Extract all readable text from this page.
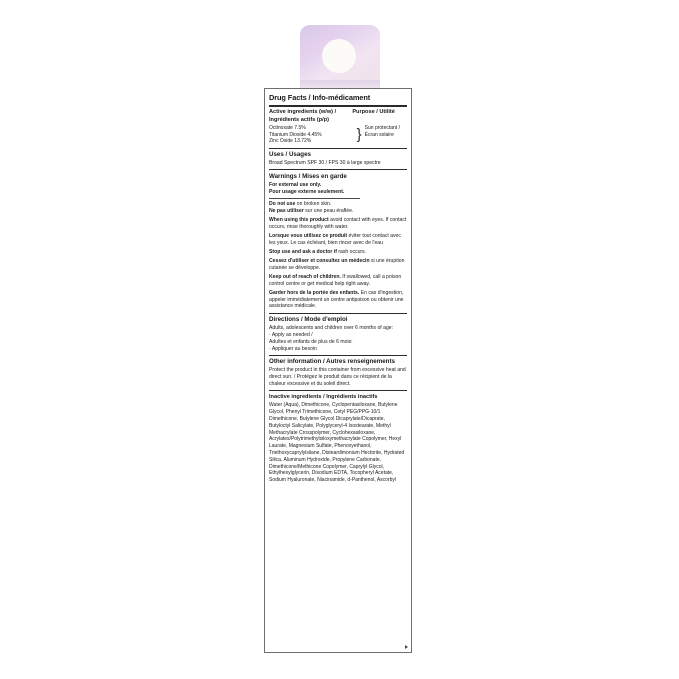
Drug Facts / Info-médicament
Active ingredients (w/w) / Ingrédients actifs (p/p)
Purpose / Utilité

Octinoxate 7.5%

Titanium Dioxide 4.45%

Zinc Oxide 13.72%	} Sun protectant /

Écran solaire

Uses / Usages

Broad Spectrum SPF 30 / FPS 30 à large spectre

Warnings / Mises en garde

For external use only.

Pour usage externe seulement.

Do not use on broken skin.

Ne pas utiliser sur une peau éraflée.

When using this product avoid contact with eyes. If contact occurs, rinse thoroughly with water.

Lorsque vous utilisez ce produit éviter tout contact avec les yeux. Le cas échéant, bien rincer avec de l'eau

Stop use and ask a doctor if rash occurs.

Cessez d'utiliser et consultez un médecin si une éruption cutanée se développe.

Keep out of reach of children. If swallowed, call a poison control centre or get medical help right away.

Garder hors de la portée des enfants. En cas d'ingestion, appeler immédiatement un centre antipoison ou obtenir une assistance médicale.

Directions / Mode d'emploi

Adults, adolescents and children over 6 months of age:

· Apply as needed /

Adultes et enfants de plus de 6 mois:

· Appliquer au besoin

Other information / Autres renseignements

Protect the product in this container from excessive heat and direct sun. / Protégez le produit dans ce récipient de la chaleur excessive et du soleil direct.

Inactive ingredients / Ingrédients inactifs
Water (Aqua), Dimethicone, Cyclopentasiloxane, Butylene Glycol, Phenyl Trimethicone, Cetyl PEG/PPG-10/1 Dimethicone, Butylene Glycol Dicaprylate/Dicaprate, Butyloctyl Salicylate, Polyglyceryl-4 Isostearate, Methyl Methacrylate Crosspolymer, Cyclohexasiloxane, Acrylates/Polytrimethylsiloxymethacrylate Copolymer, Hexyl Laurate, Magnesium Sulfate, Phenoxyethanol, Triethoxycaprylylsilane, Disteardimonium Hectorite, Hydrated Silica, Aluminum Hydroxide, Propylene Carbonate, Dimethicone/Methicone Copolymer, Caprylyl Glycol, Ethylhexylglycerin, Disodium EDTA, Tocopheryl Acetate, Sodium Hyaluronate, Niacinamide, d-Panthenol, Ascorbyl
